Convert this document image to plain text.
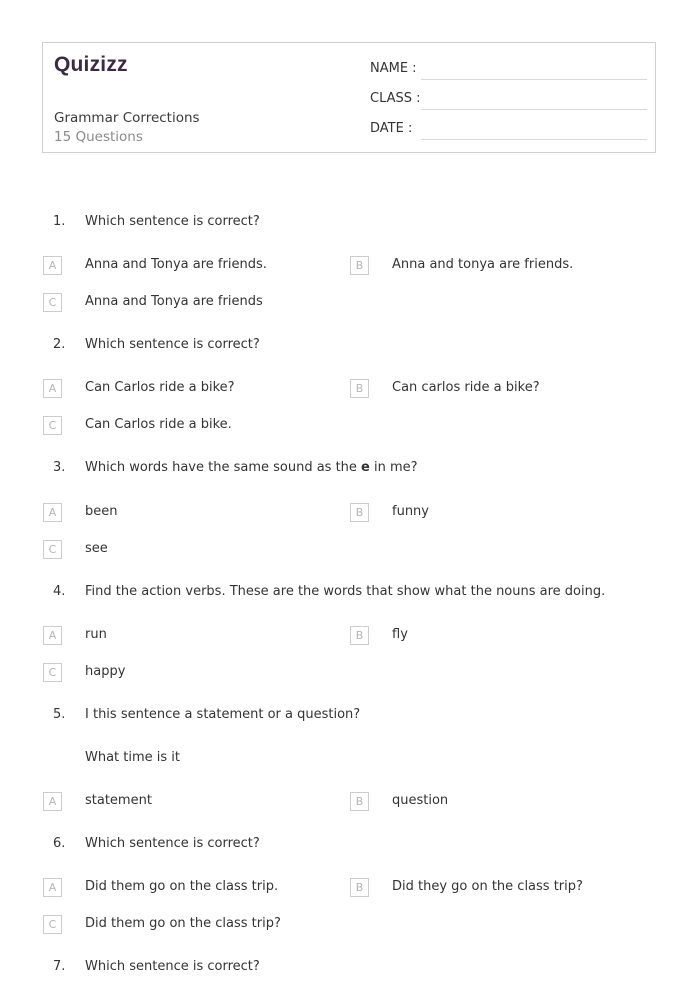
Quizizz
Grammar Corrections
15 Questions
NAME :
CLASS :
DATE :
1. Which sentence is correct?
A	Anna and Tonya are friends.	B	Anna and tonya are friends.
C	Anna and Tonya are friends
2. Which sentence is correct?
A	Can Carlos ride a bike?	B	Can carlos ride a bike?
C	Can Carlos ride a bike.
3. Which words have the same sound as the e in me?
A	been	B	funny
C	see
4. Find the action verbs. These are the words that show what the nouns are doing.
A	run	B	fly
C	happy
5. I this sentence a statement or a question?
What time is it
A	statement	B	question
6. Which sentence is correct?
A	Did them go on the class trip.	B	Did they go on the class trip?
C	Did them go on the class trip?
7. Which sentence is correct?
